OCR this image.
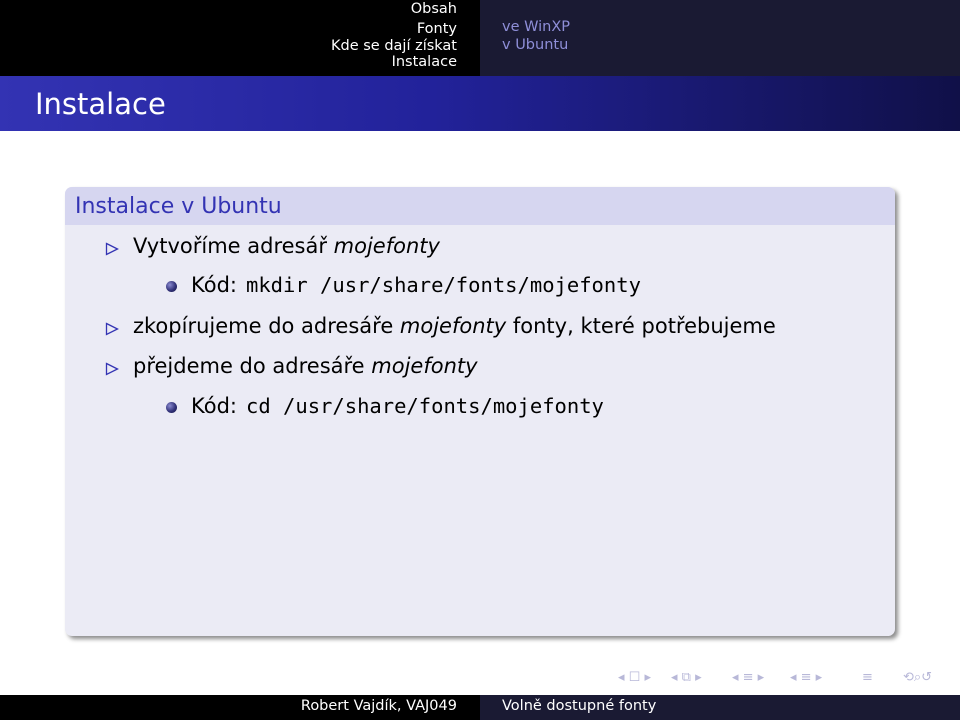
Obsah
Fonty
Kde se dají získat
Instalace
ve WinXP
v Ubuntu
Instalace
Instalace v Ubuntu
Vytvoříme adresář mojefonty
Kód: mkdir /usr/share/fonts/mojefonty
zkopírujeme do adresáře mojefonty fonty, které potřebujeme
přejdeme do adresáře mojefonty
Kód: cd /usr/share/fonts/mojefonty
◂ ☐ ▸ ◂ ⧉ ▸ ◂ ≡ ▸ ◂ ≡ ▸	≡ ⟲⌕↺
Robert Vajdík, VAJ049	Volně dostupné fonty
